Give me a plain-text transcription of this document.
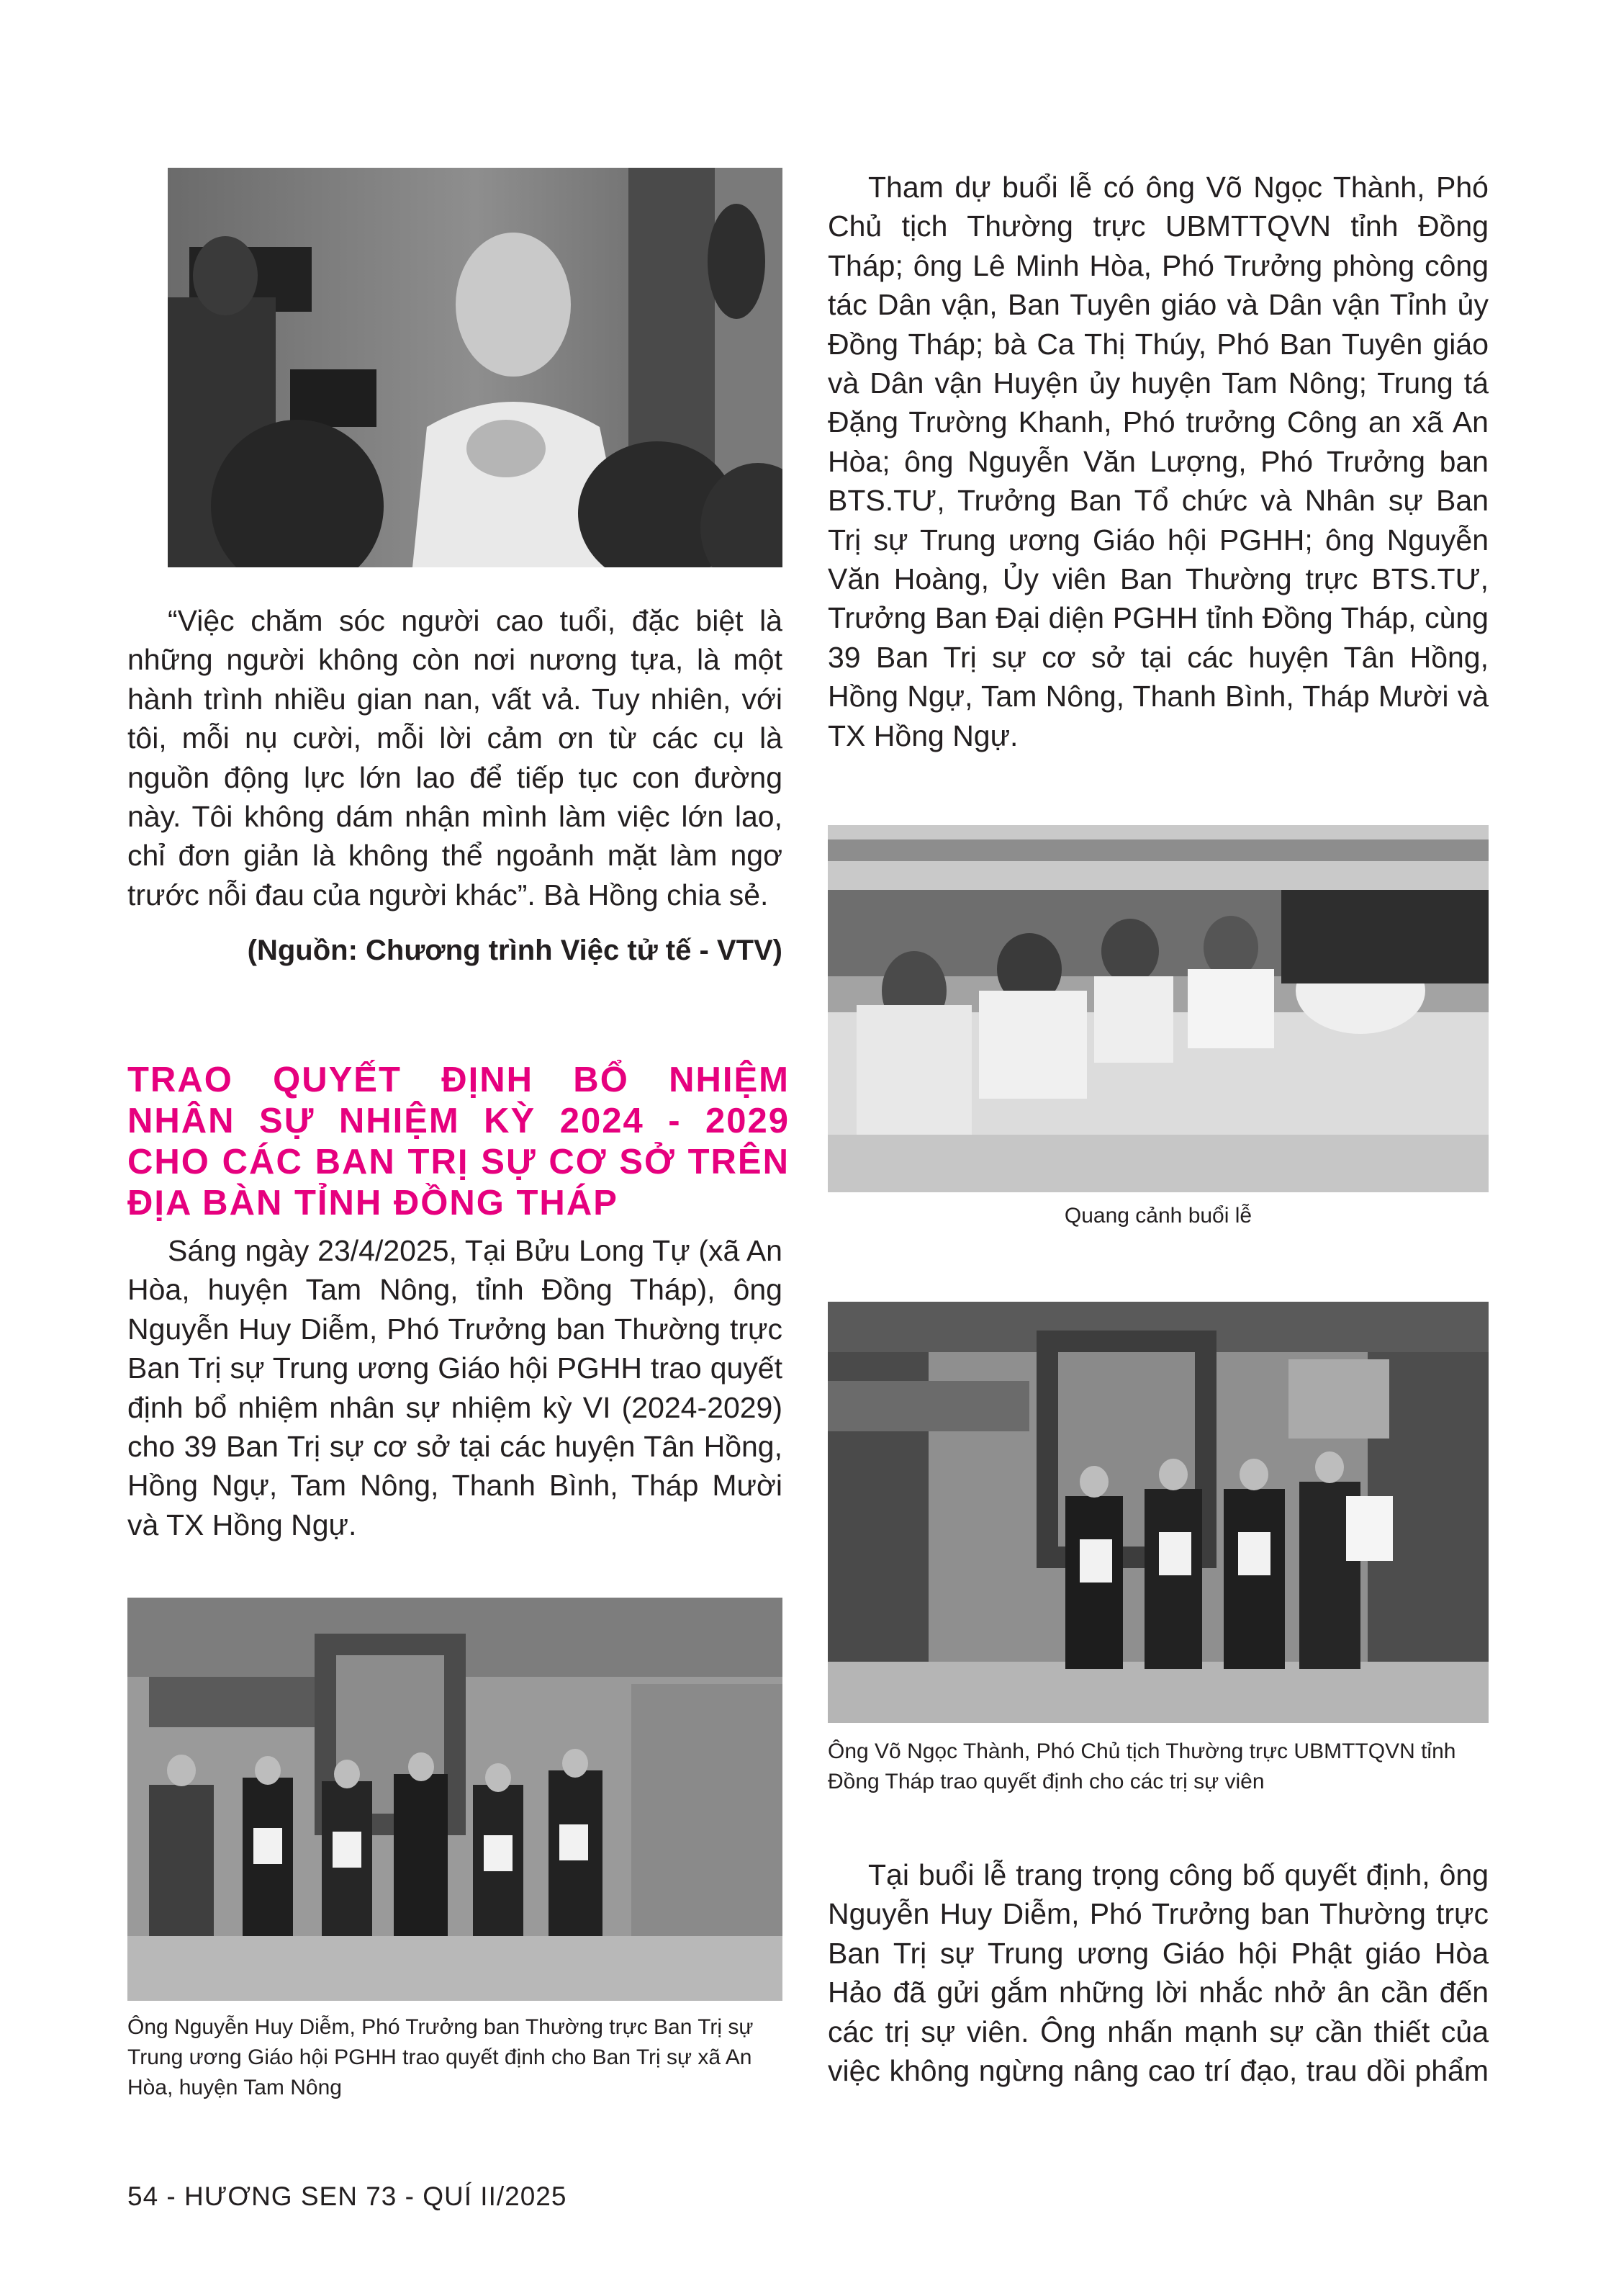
“Việc chăm sóc người cao tuổi, đặc biệt là những người không còn nơi nương tựa, là một hành trình nhiều gian nan, vất vả. Tuy nhiên, với tôi, mỗi nụ cười, mỗi lời cảm ơn từ các cụ là nguồn động lực lớn lao để tiếp tục con đường này. Tôi không dám nhận mình làm việc lớn lao, chỉ đơn giản là không thể ngoảnh mặt làm ngơ trước nỗi đau của người khác”. Bà Hồng chia sẻ.

(Nguồn: Chương trình Việc tử tế - VTV)
TRAO QUYẾT ĐỊNH BỔ NHIỆM NHÂN SỰ NHIỆM KỲ 2024 - 2029 CHO CÁC BAN TRỊ SỰ CƠ SỞ TRÊN ĐỊA BÀN TỈNH ĐỒNG THÁP

Sáng ngày 23/4/2025, Tại Bửu Long Tự (xã An Hòa, huyện Tam Nông, tỉnh Đồng Tháp), ông Nguyễn Huy Diễm, Phó Trưởng ban Thường trực Ban Trị sự Trung ương Giáo hội PGHH trao quyết định bổ nhiệm nhân sự nhiệm kỳ VI (2024-2029) cho 39 Ban Trị sự cơ sở tại các huyện Tân Hồng, Hồng Ngự, Tam Nông, Thanh Bình, Tháp Mười và TX Hồng Ngự.

Ông Nguyễn Huy Diễm, Phó Trưởng ban Thường trực Ban Trị sự Trung ương Giáo hội PGHH trao quyết định cho Ban Trị sự xã An Hòa, huyện Tam Nông

Tham dự buổi lễ có ông Võ Ngọc Thành, Phó Chủ tịch Thường trực UBMTTQVN tỉnh Đồng Tháp; ông Lê Minh Hòa, Phó Trưởng phòng công tác Dân vận, Ban Tuyên giáo và Dân vận Tỉnh ủy Đồng Tháp; bà Ca Thị Thúy, Phó Ban Tuyên giáo và Dân vận Huyện ủy huyện Tam Nông; Trung tá Đặng Trường Khanh, Phó trưởng Công an xã An Hòa; ông Nguyễn Văn Lượng, Phó Trưởng ban BTS.TƯ, Trưởng Ban Tổ chức và Nhân sự Ban Trị sự Trung ương Giáo hội PGHH; ông Nguyễn Văn Hoàng, Ủy viên Ban Thường trực BTS.TƯ, Trưởng Ban Đại diện PGHH tỉnh Đồng Tháp, cùng 39 Ban Trị sự cơ sở tại các huyện Tân Hồng, Hồng Ngự, Tam Nông, Thanh Bình, Tháp Mười và TX Hồng Ngự.

Quang cảnh buổi lễ

Ông Võ Ngọc Thành, Phó Chủ tịch Thường trực UBMTTQVN tỉnh Đồng Tháp trao quyết định cho các trị sự viên

Tại buổi lễ trang trọng công bố quyết định, ông Nguyễn Huy Diễm, Phó Trưởng ban Thường trực Ban Trị sự Trung ương Giáo hội Phật giáo Hòa Hảo đã gửi gắm những lời nhắc nhở ân cần đến các trị sự viên. Ông nhấn mạnh sự cần thiết của việc không ngừng nâng cao trí đạo, trau dồi phẩm

54 - HƯƠNG SEN 73 - QUÍ II/2025
